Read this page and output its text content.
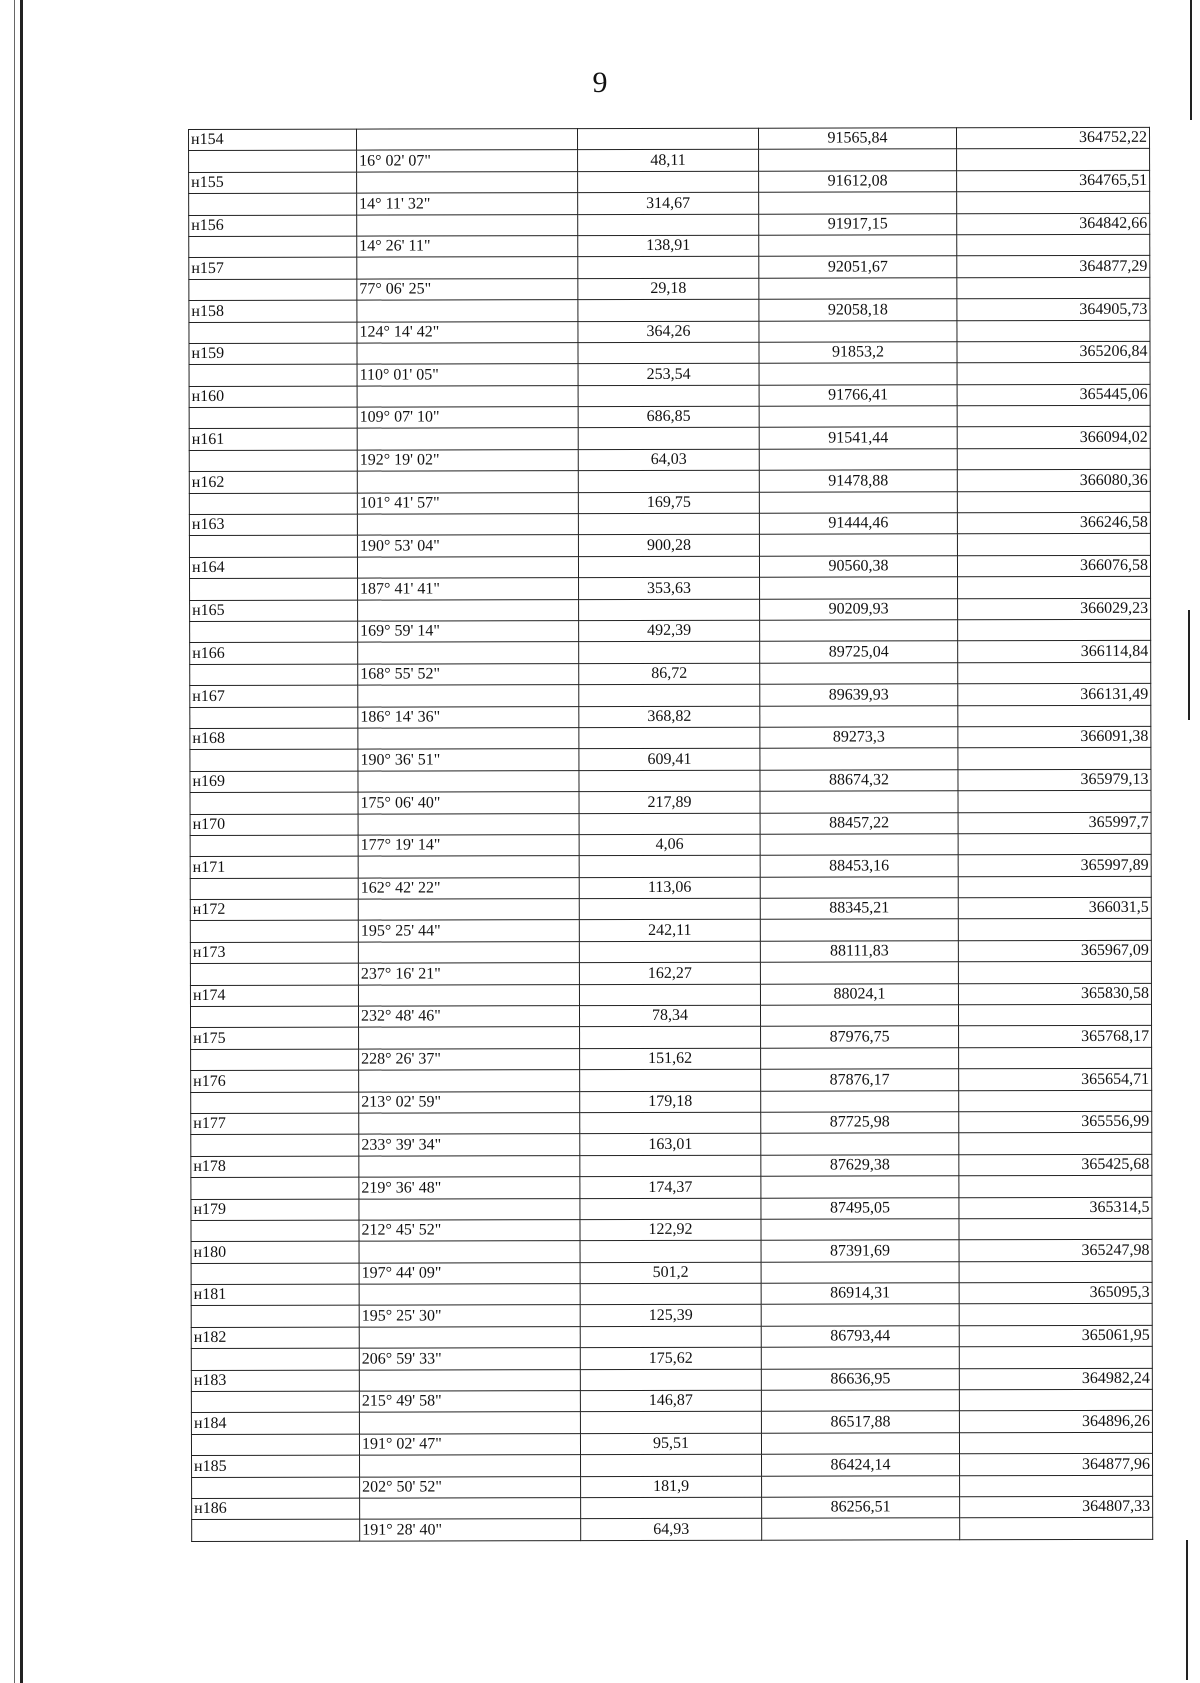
9
н154			91565,84	364752,22
	16° 02' 07"	48,11		
н155			91612,08	364765,51
	14° 11' 32"	314,67		
н156			91917,15	364842,66
	14° 26' 11"	138,91		
н157			92051,67	364877,29
	77° 06' 25"	29,18		
н158			92058,18	364905,73
	124° 14' 42"	364,26		
н159			91853,2	365206,84
	110° 01' 05"	253,54		
н160			91766,41	365445,06
	109° 07' 10"	686,85		
н161			91541,44	366094,02
	192° 19' 02"	64,03		
н162			91478,88	366080,36
	101° 41' 57"	169,75		
н163			91444,46	366246,58
	190° 53' 04"	900,28		
н164			90560,38	366076,58
	187° 41' 41"	353,63		
н165			90209,93	366029,23
	169° 59' 14"	492,39		
н166			89725,04	366114,84
	168° 55' 52"	86,72		
н167			89639,93	366131,49
	186° 14' 36"	368,82		
н168			89273,3	366091,38
	190° 36' 51"	609,41		
н169			88674,32	365979,13
	175° 06' 40"	217,89		
н170			88457,22	365997,7
	177° 19' 14"	4,06		
н171			88453,16	365997,89
	162° 42' 22"	113,06		
н172			88345,21	366031,5
	195° 25' 44"	242,11		
н173			88111,83	365967,09
	237° 16' 21"	162,27		
н174			88024,1	365830,58
	232° 48' 46"	78,34		
н175			87976,75	365768,17
	228° 26' 37"	151,62		
н176			87876,17	365654,71
	213° 02' 59"	179,18		
н177			87725,98	365556,99
	233° 39' 34"	163,01		
н178			87629,38	365425,68
	219° 36' 48"	174,37		
н179			87495,05	365314,5
	212° 45' 52"	122,92		
н180			87391,69	365247,98
	197° 44' 09"	501,2		
н181			86914,31	365095,3
	195° 25' 30"	125,39		
н182			86793,44	365061,95
	206° 59' 33"	175,62		
н183			86636,95	364982,24
	215° 49' 58"	146,87		
н184			86517,88	364896,26
	191° 02' 47"	95,51		
н185			86424,14	364877,96
	202° 50' 52"	181,9		
н186			86256,51	364807,33
	191° 28' 40"	64,93		
